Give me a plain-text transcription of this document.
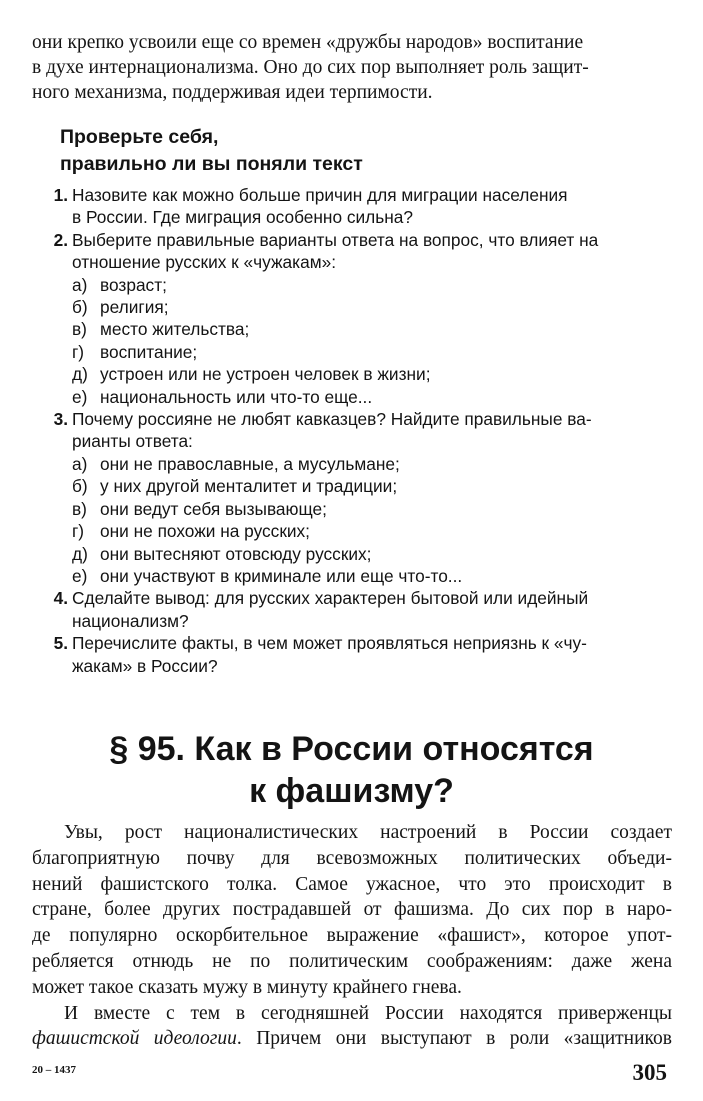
они крепко усвоили еще со времен «дружбы народов» воспитание
в духе интернационализма. Оно до сих пор выполняет роль защит-
ного механизма, поддерживая идеи терпимости.
Проверьте себя,
правильно ли вы поняли текст
1. Назовите как можно больше причин для миграции населения
в России. Где миграция особенно сильна?
2. Выберите правильные варианты ответа на вопрос, что влияет на
отношение русских к «чужакам»:
а) возраст;
б) религия;
в) место жительства;
г) воспитание;
д) устроен или не устроен человек в жизни;
е) национальность или что-то еще...
3. Почему россияне не любят кавказцев? Найдите правильные ва-
рианты ответа:
а) они не православные, а мусульмане;
б) у них другой менталитет и традиции;
в) они ведут себя вызывающе;
г) они не похожи на русских;
д) они вытесняют отовсюду русских;
е) они участвуют в криминале или еще что-то...
4. Сделайте вывод: для русских характерен бытовой или идейный
национализм?
5. Перечислите факты, в чем может проявляться неприязнь к «чу-
жакам» в России?
§ 95. Как в России относятся
к фашизму?
Увы, рост националистических настроений в России создает
благоприятную почву для всевозможных политических объеди-
нений фашистского толка. Самое ужасное, что это происходит в
стране, более других пострадавшей от фашизма. До сих пор в наро-
де популярно оскорбительное выражение «фашист», которое упот-
ребляется отнюдь не по политическим соображениям: даже жена
может такое сказать мужу в минуту крайнего гнева.
И вместе с тем в сегодняшней России находятся приверженцы
фашистской идеологии. Причем они выступают в роли «защитников
20 – 1437	305
